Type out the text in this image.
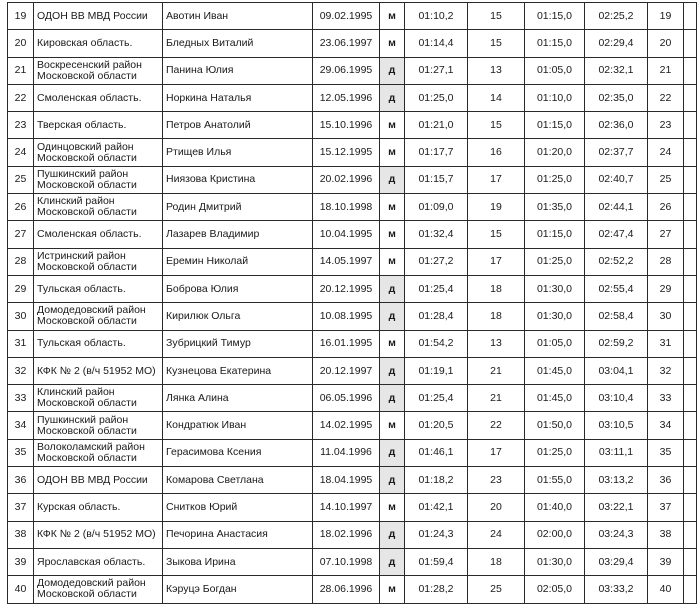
19	ОДОН ВВ МВД России	Авотин Иван	09.02.1995	м	01:10,2	15	01:15,0	02:25,2	19	
20	Кировская область.	Бледных Виталий	23.06.1997	м	01:14,4	15	01:15,0	02:29,4	20	
21	Воскресенский район Московской области	Панина Юлия	29.06.1995	д	01:27,1	13	01:05,0	02:32,1	21	
22	Смоленская область.	Норкина Наталья	12.05.1996	д	01:25,0	14	01:10,0	02:35,0	22	
23	Тверская область.	Петров Анатолий	15.10.1996	м	01:21,0	15	01:15,0	02:36,0	23	
24	Одинцовский район Московской области	Ртищев Илья	15.12.1995	м	01:17,7	16	01:20,0	02:37,7	24	
25	Пушкинский район Московской области	Ниязова Кристина	20.02.1996	д	01:15,7	17	01:25,0	02:40,7	25	
26	Клинский район Московской области	Родин Дмитрий	18.10.1998	м	01:09,0	19	01:35,0	02:44,1	26	
27	Смоленская область.	Лазарев Владимир	10.04.1995	м	01:32,4	15	01:15,0	02:47,4	27	
28	Истринский район Московской области	Еремин Николай	14.05.1997	м	01:27,2	17	01:25,0	02:52,2	28	
29	Тульская область.	Боброва Юлия	20.12.1995	д	01:25,4	18	01:30,0	02:55,4	29	
30	Домодедовский район Московской области	Кирилюк Ольга	10.08.1995	д	01:28,4	18	01:30,0	02:58,4	30	
31	Тульская область.	Зубрицкий Тимур	16.01.1995	м	01:54,2	13	01:05,0	02:59,2	31	
32	КФК № 2 (в/ч 51952 МО)	Кузнецова Екатерина	20.12.1997	д	01:19,1	21	01:45,0	03:04,1	32	
33	Клинский район Московской области	Лянка Алина	06.05.1996	д	01:25,4	21	01:45,0	03:10,4	33	
34	Пушкинский район Московской области	Кондратюк Иван	14.02.1995	м	01:20,5	22	01:50,0	03:10,5	34	
35	Волоколамский район Московской области	Герасимова Ксения	11.04.1996	д	01:46,1	17	01:25,0	03:11,1	35	
36	ОДОН ВВ МВД России	Комарова Светлана	18.04.1995	д	01:18,2	23	01:55,0	03:13,2	36	
37	Курская область.	Снитков Юрий	14.10.1997	м	01:42,1	20	01:40,0	03:22,1	37	
38	КФК № 2 (в/ч 51952 МО)	Печорина Анастасия	18.02.1996	д	01:24,3	24	02:00,0	03:24,3	38	
39	Ярославская область.	Зыкова Ирина	07.10.1998	д	01:59,4	18	01:30,0	03:29,4	39	
40	Домодедовский район Московской области	Кэруцэ Богдан	28.06.1996	м	01:28,2	25	02:05,0	03:33,2	40	
